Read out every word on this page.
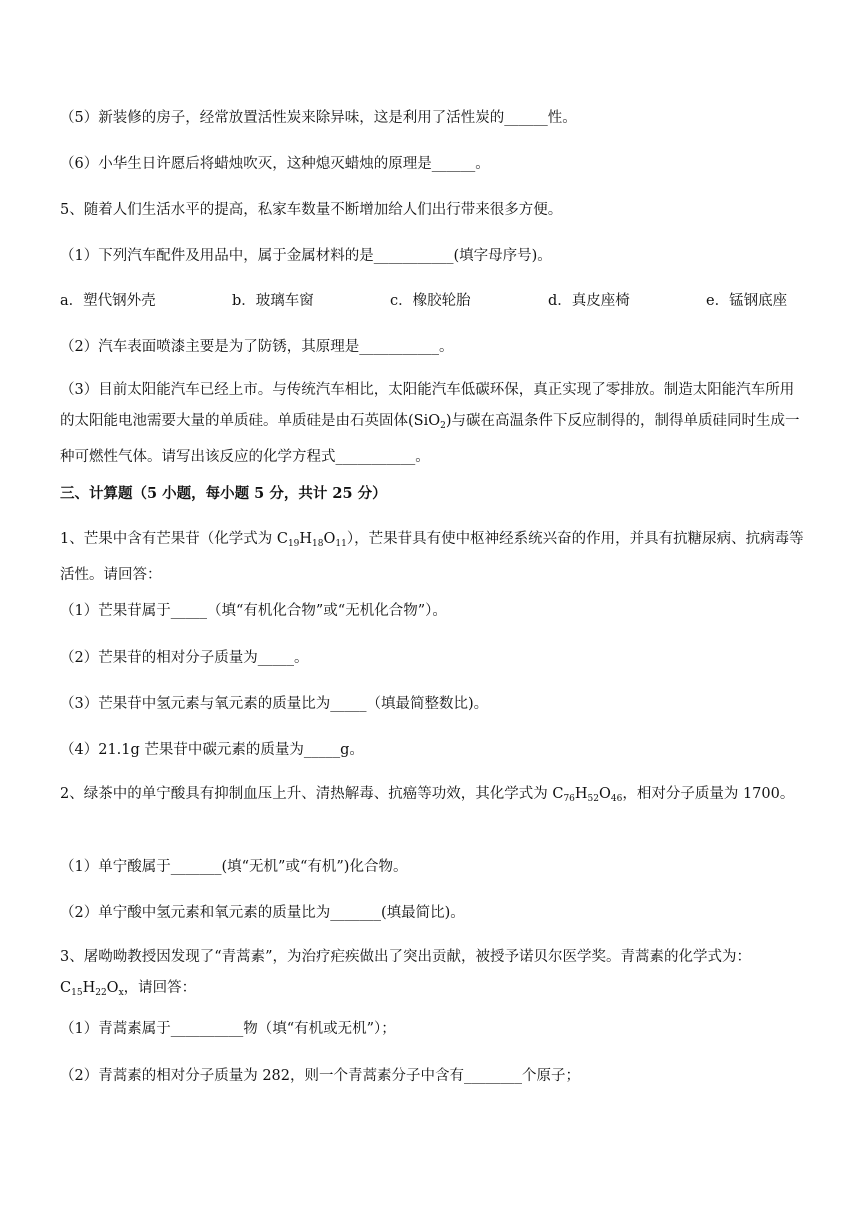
（5）新装修的房子，经常放置活性炭来除异味，这是利用了活性炭的______性。
（6）小华生日许愿后将蜡烛吹灭，这种熄灭蜡烛的原理是______。
5、随着人们生活水平的提高，私家车数量不断增加给人们出行带来很多方便。
（1）下列汽车配件及用品中，属于金属材料的是___________(填字母序号)。
a．塑代钢外壳	b．玻璃车窗	c．橡胶轮胎	d．真皮座椅	e．锰钢底座
（2）汽车表面喷漆主要是为了防锈，其原理是___________。
（3）目前太阳能汽车已经上市。与传统汽车相比，太阳能汽车低碳环保，真正实现了零排放。制造太阳能汽车所用的太阳能电池需要大量的单质硅。单质硅是由石英固体(SiO$_2$)与碳在高温条件下反应制得的，制得单质硅同时生成一种可燃性气体。请写出该反应的化学方程式___________。
三、计算题（5 小题，每小题 5 分，共计 25 分）
1、芒果中含有芒果苷（化学式为 $C_{19}H_{18}O_{11}$），芒果苷具有使中枢神经系统兴奋的作用，并具有抗糖尿病、抗病毒等活性。请回答：
（1）芒果苷属于_____（填“有机化合物”或“无机化合物”）。
（2）芒果苷的相对分子质量为_____。
（3）芒果苷中氢元素与氧元素的质量比为_____（填最简整数比)。
（4）21.1g 芒果苷中碳元素的质量为_____g。
2、绿茶中的单宁酸具有抑制血压上升、清热解毒、抗癌等功效，其化学式为 $C_{76}H_{52}O_{46}$，相对分子质量为 1700。
（1）单宁酸属于_______(填“无机”或“有机”)化合物。
（2）单宁酸中氢元素和氧元素的质量比为_______(填最简比)。
3、屠呦呦教授因发现了“青蒿素”，为治疗疟疾做出了突出贡献，被授予诺贝尔医学奖。青蒿素的化学式为：$C_{15}H_{22}O_x$，请回答：
（1）青蒿素属于__________物（填“有机或无机”）；
（2）青蒿素的相对分子质量为 282，则一个青蒿素分子中含有________个原子；
